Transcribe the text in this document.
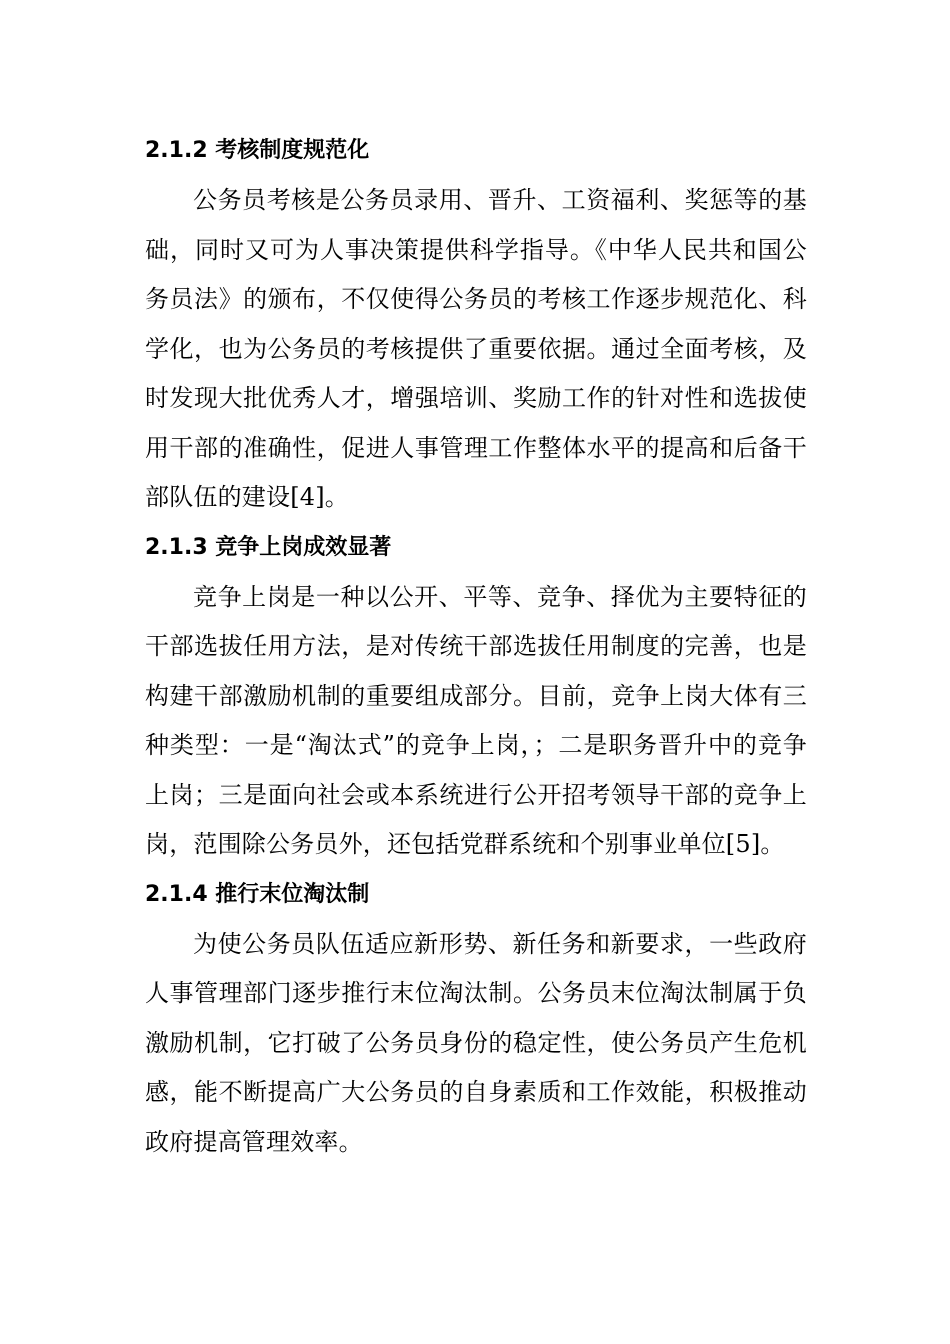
2.1.2 考核制度规范化

公务员考核是公务员录用、晋升、工资福利、奖惩等的基础，同时又可为人事决策提供科学指导。《中华人民共和国公务员法》的颁布，不仅使得公务员的考核工作逐步规范化、科学化，也为公务员的考核提供了重要依据。通过全面考核，及时发现大批优秀人才，增强培训、奖励工作的针对性和选拔使用干部的准确性，促进人事管理工作整体水平的提高和后备干部队伍的建设[4]。

2.1.3 竞争上岗成效显著

竞争上岗是一种以公开、平等、竞争、择优为主要特征的干部选拔任用方法，是对传统干部选拔任用制度的完善，也是构建干部激励机制的重要组成部分。目前，竞争上岗大体有三种类型：一是“淘汰式”的竞争上岗，；二是职务晋升中的竞争上岗；三是面向社会或本系统进行公开招考领导干部的竞争上岗，范围除公务员外，还包括党群系统和个别事业单位[5]。

2.1.4 推行末位淘汰制

为使公务员队伍适应新形势、新任务和新要求，一些政府人事管理部门逐步推行末位淘汰制。公务员末位淘汰制属于负激励机制，它打破了公务员身份的稳定性，使公务员产生危机感，能不断提高广大公务员的自身素质和工作效能，积极推动政府提高管理效率。
